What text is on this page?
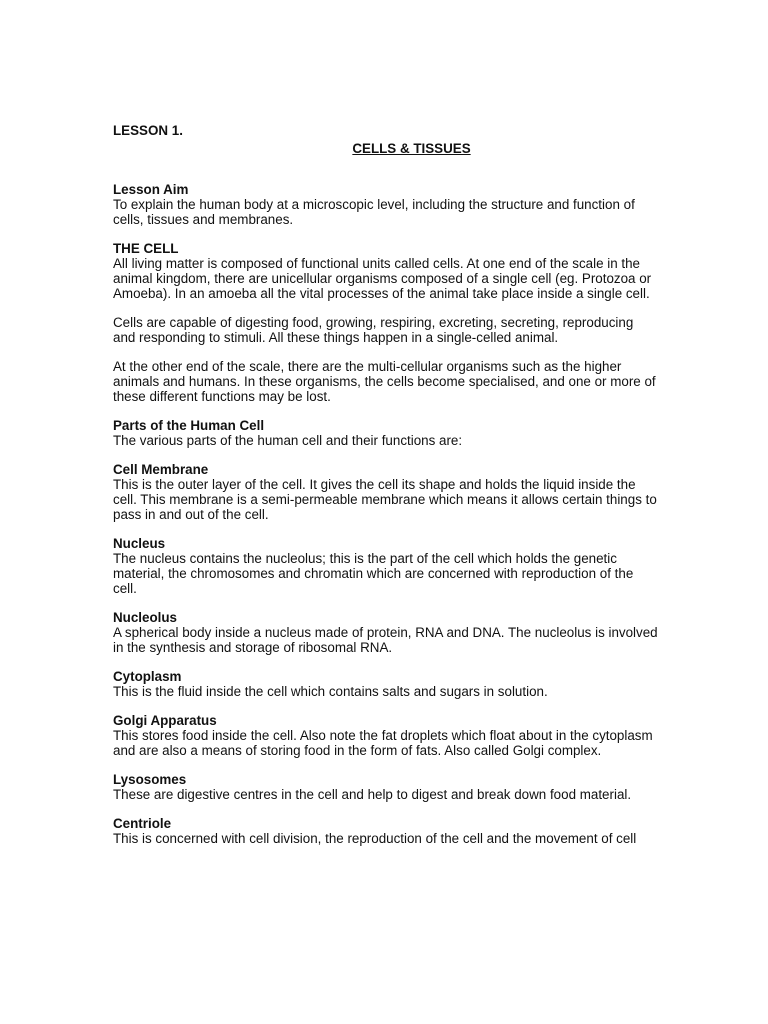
LESSON 1.

CELLS & TISSUES

Lesson Aim

To explain the human body at a microscopic level, including the structure and function of cells, tissues and membranes.

THE CELL

All living matter is composed of functional units called cells. At one end of the scale in the animal kingdom, there are unicellular organisms composed of a single cell (eg. Protozoa or Amoeba). In an amoeba all the vital processes of the animal take place inside a single cell.

Cells are capable of digesting food, growing, respiring, excreting, secreting, reproducing and responding to stimuli. All these things happen in a single-celled animal.

At the other end of the scale, there are the multi-cellular organisms such as the higher animals and humans. In these organisms, the cells become specialised, and one or more of these different functions may be lost.

Parts of the Human Cell

The various parts of the human cell and their functions are:

Cell Membrane

This is the outer layer of the cell. It gives the cell its shape and holds the liquid inside the cell. This membrane is a semi-permeable membrane which means it allows certain things to pass in and out of the cell.

Nucleus

The nucleus contains the nucleolus; this is the part of the cell which holds the genetic material, the chromosomes and chromatin which are concerned with reproduction of the cell.

Nucleolus

A spherical body inside a nucleus made of protein, RNA and DNA. The nucleolus is involved in the synthesis and storage of ribosomal RNA.

Cytoplasm

This is the fluid inside the cell which contains salts and sugars in solution.

Golgi Apparatus

This stores food inside the cell. Also note the fat droplets which float about in the cytoplasm and are also a means of storing food in the form of fats. Also called Golgi complex.

Lysosomes

These are digestive centres in the cell and help to digest and break down food material.

Centriole

This is concerned with cell division, the reproduction of the cell and the movement of cell
